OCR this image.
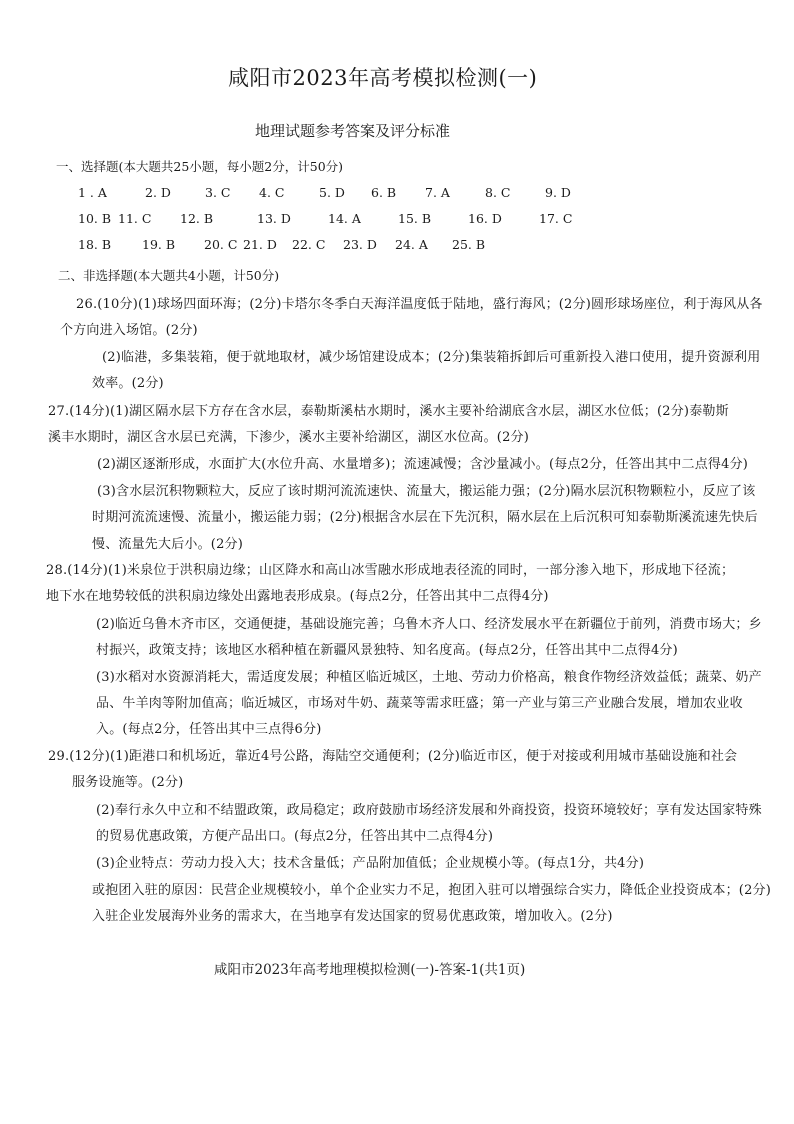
咸阳市2023年高考模拟检测(一)
地理试题参考答案及评分标准
一、选择题(本大题共25小题，每小题2分，计50分)
1 . A	2. D	3. C 4. C	5. D 6. B 7. A	8. C	9. D
10. B 11. C 12. B	13. D	14. A	15. B	16. D	17. C
18. B 19. B 20. C 21. D 22. C 23. D 24. A 25. B
二、非选择题(本大题共4小题，计50分)
26.(10分)(1)球场四面环海；(2分)卡塔尔冬季白天海洋温度低于陆地，盛行海风；(2分)圆形球场座位，利于海风从各
个方向进入场馆。(2分)
(2)临港，多集装箱，便于就地取材，减少场馆建设成本；(2分)集装箱拆卸后可重新投入港口使用，提升资源利用
效率。(2分)
27.(14分)(1)湖区隔水层下方存在含水层，泰勒斯溪枯水期时，溪水主要补给湖底含水层，湖区水位低；(2分)泰勒斯
溪丰水期时，湖区含水层已充满，下渗少，溪水主要补给湖区，湖区水位高。(2分)
(2)湖区逐渐形成，水面扩大(水位升高、水量增多)；流速减慢；含沙量减小。(每点2分，任答出其中二点得4分)
(3)含水层沉积物颗粒大，反应了该时期河流流速快、流量大，搬运能力强；(2分)隔水层沉积物颗粒小，反应了该
时期河流流速慢、流量小，搬运能力弱；(2分)根据含水层在下先沉积，隔水层在上后沉积可知泰勒斯溪流速先快后
慢、流量先大后小。(2分)
28.(14分)(1)米泉位于洪积扇边缘；山区降水和高山冰雪融水形成地表径流的同时，一部分渗入地下，形成地下径流；
地下水在地势较低的洪积扇边缘处出露地表形成泉。(每点2分，任答出其中二点得4分)
(2)临近乌鲁木齐市区，交通便捷，基础设施完善；乌鲁木齐人口、经济发展水平在新疆位于前列，消费市场大；乡
村振兴，政策支持；该地区水稻种植在新疆风景独特、知名度高。(每点2分，任答出其中二点得4分)
(3)水稻对水资源消耗大，需适度发展；种植区临近城区，土地、劳动力价格高，粮食作物经济效益低；蔬菜、奶产
品、牛羊肉等附加值高；临近城区，市场对牛奶、蔬菜等需求旺盛；第一产业与第三产业融合发展，增加农业收
入。(每点2分，任答出其中三点得6分)
29.(12分)(1)距港口和机场近，靠近4号公路，海陆空交通便利；(2分)临近市区，便于对接或利用城市基础设施和社会
服务设施等。(2分)
(2)奉行永久中立和不结盟政策，政局稳定；政府鼓励市场经济发展和外商投资，投资环境较好；享有发达国家特殊
的贸易优惠政策，方便产品出口。(每点2分，任答出其中二点得4分)
(3)企业特点：劳动力投入大；技术含量低；产品附加值低；企业规模小等。(每点1分，共4分)
或抱团入驻的原因：民营企业规模较小，单个企业实力不足，抱团入驻可以增强综合实力，降低企业投资成本；(2分)
入驻企业发展海外业务的需求大，在当地享有发达国家的贸易优惠政策，增加收入。(2分)
咸阳市2023年高考地理模拟检测(一)-答案-1(共1页)
